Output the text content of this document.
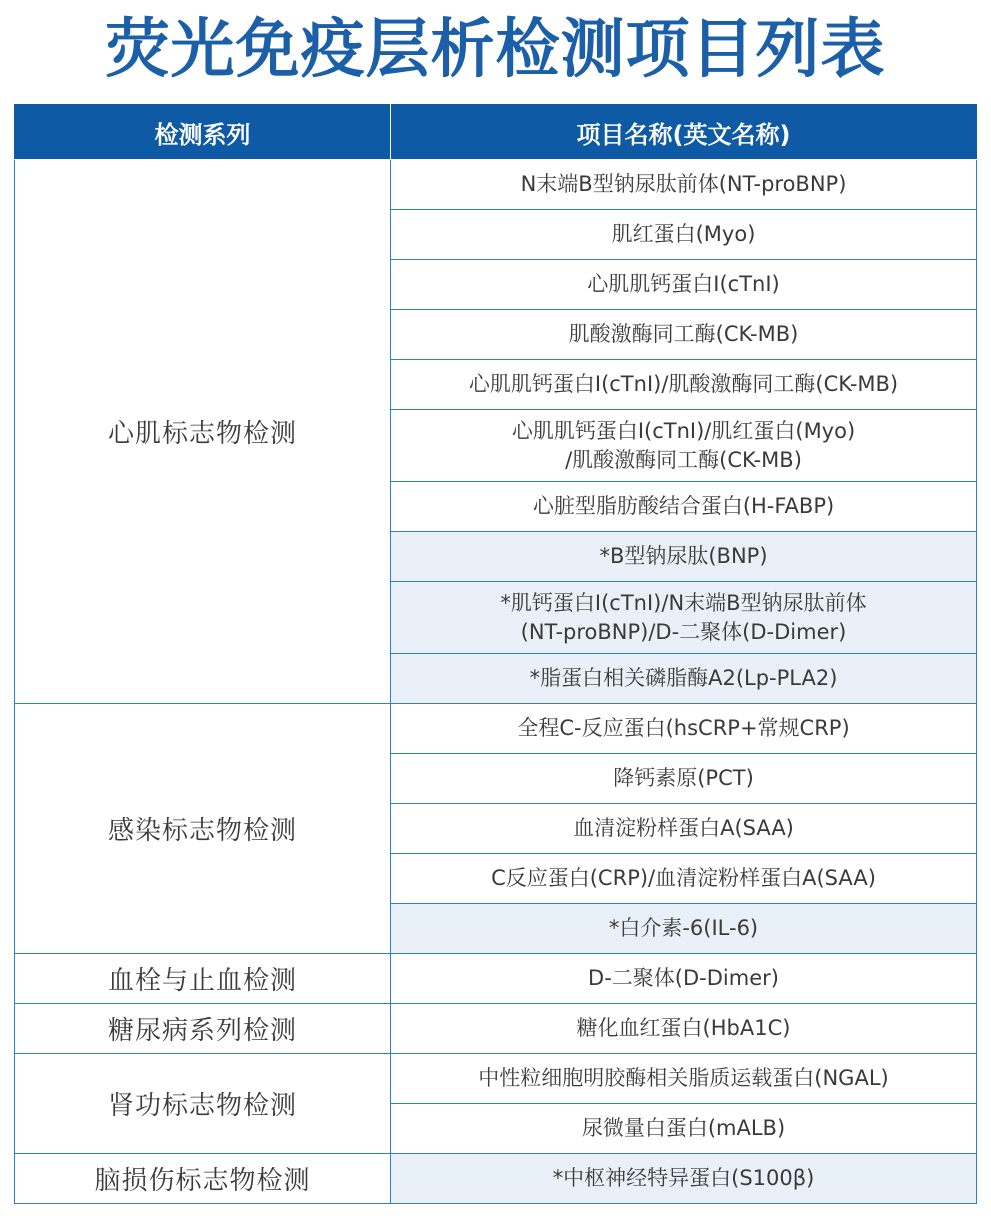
荧光免疫层析检测项目列表
检测系列	项目名称(英文名称)
心肌标志物检测	N末端B型钠尿肽前体(NT-proBNP)

	肌红蛋白(Myo)

	心肌肌钙蛋白I(cTnI)

	肌酸激酶同工酶(CK-MB)

	心肌肌钙蛋白I(cTnI)/肌酸激酶同工酶(CK-MB)

	心肌肌钙蛋白I(cTnI)/肌红蛋白(Myo)
/肌酸激酶同工酶(CK-MB)

	心脏型脂肪酸结合蛋白(H-FABP)

	*B型钠尿肽(BNP)

	*肌钙蛋白I(cTnI)/N末端B型钠尿肽前体
(NT-proBNP)/D-二聚体(D-Dimer)

	*脂蛋白相关磷脂酶A2(Lp-PLA2)

感染标志物检测	全程C-反应蛋白(hsCRP+常规CRP)

	降钙素原(PCT)

	血清淀粉样蛋白A(SAA)

	C反应蛋白(CRP)/血清淀粉样蛋白A(SAA)

	*白介素-6(IL-6)

血栓与止血检测	D-二聚体(D-Dimer)

糖尿病系列检测	糖化血红蛋白(HbA1C)

肾功标志物检测	中性粒细胞明胶酶相关脂质运载蛋白(NGAL)

	尿微量白蛋白(mALB)

脑损伤标志物检测	*中枢神经特异蛋白(S100β)
